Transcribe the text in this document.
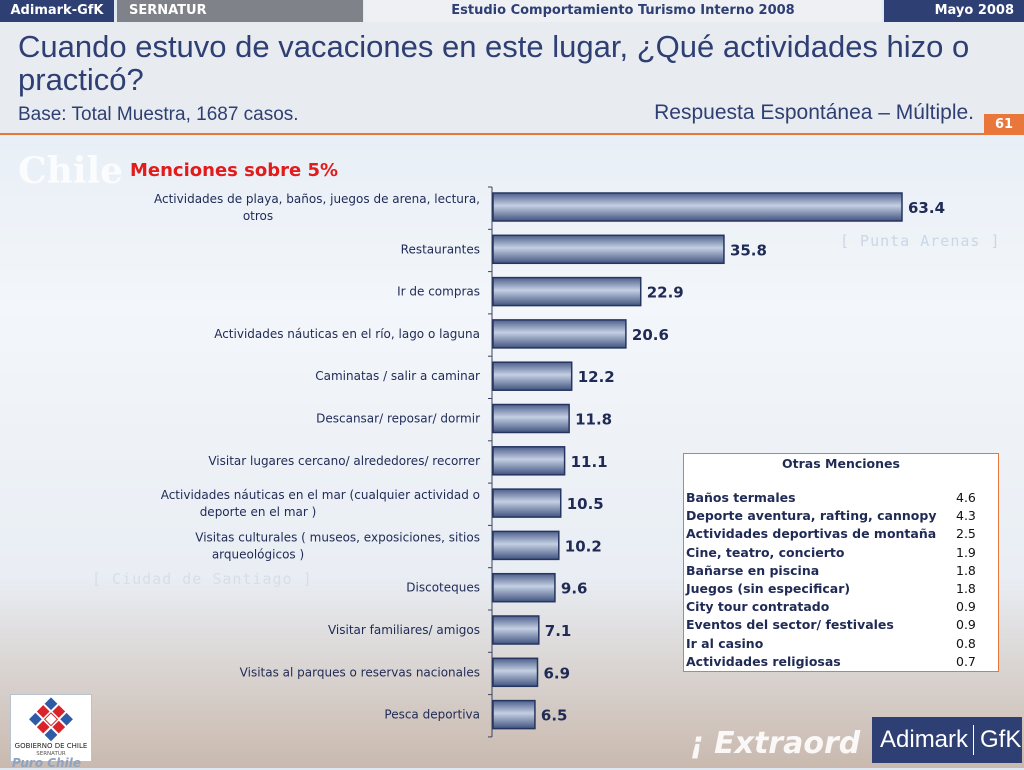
Adimark-GfK	SERNATUR	Estudio Comportamiento Turismo Interno 2008	Mayo 2008
Cuando estuvo de vacaciones en este lugar, ¿Qué actividades hizo o practicó?
Base: Total Muestra, 1687 casos.	Respuesta Espontánea – Múltiple.
61
Chile
[ Punta Arenas ]
[ Ciudad de Santiago ]
¡ Extraord
Menciones sobre 5%
63.4
Actividades de playa, baños, juegos de arena, lectura,
otros
35.8
Restaurantes
22.9
Ir de compras
20.6
Actividades náuticas en el río, lago o laguna
12.2
Caminatas / salir a caminar
11.8
Descansar/ reposar/ dormir
11.1
Visitar lugares cercano/ alrededores/ recorrer
10.5
Actividades náuticas en el mar (cualquier actividad o
deporte en el mar )
10.2
Visitas culturales ( museos, exposiciones, sitios
arqueológicos )
9.6
Discoteques
7.1
Visitar familiares/ amigos
6.9
Visitas al parques o reservas nacionales
6.5
Pesca deportiva
Otras Menciones
Baños termales	4.6
Deporte aventura, rafting, cannopy 4.3
Actividades deportivas de montaña 2.5
Cine, teatro, concierto	1.9
Bañarse en piscina	1.8
Juegos (sin especificar)	1.8
City tour contratado	0.9
Eventos del sector/ festivales	0.9
Ir al casino	0.8
Actividades religiosas	0.7
GOBIERNO DE CHILE
SERNATUR
Puro Chile
Adimark GfK
